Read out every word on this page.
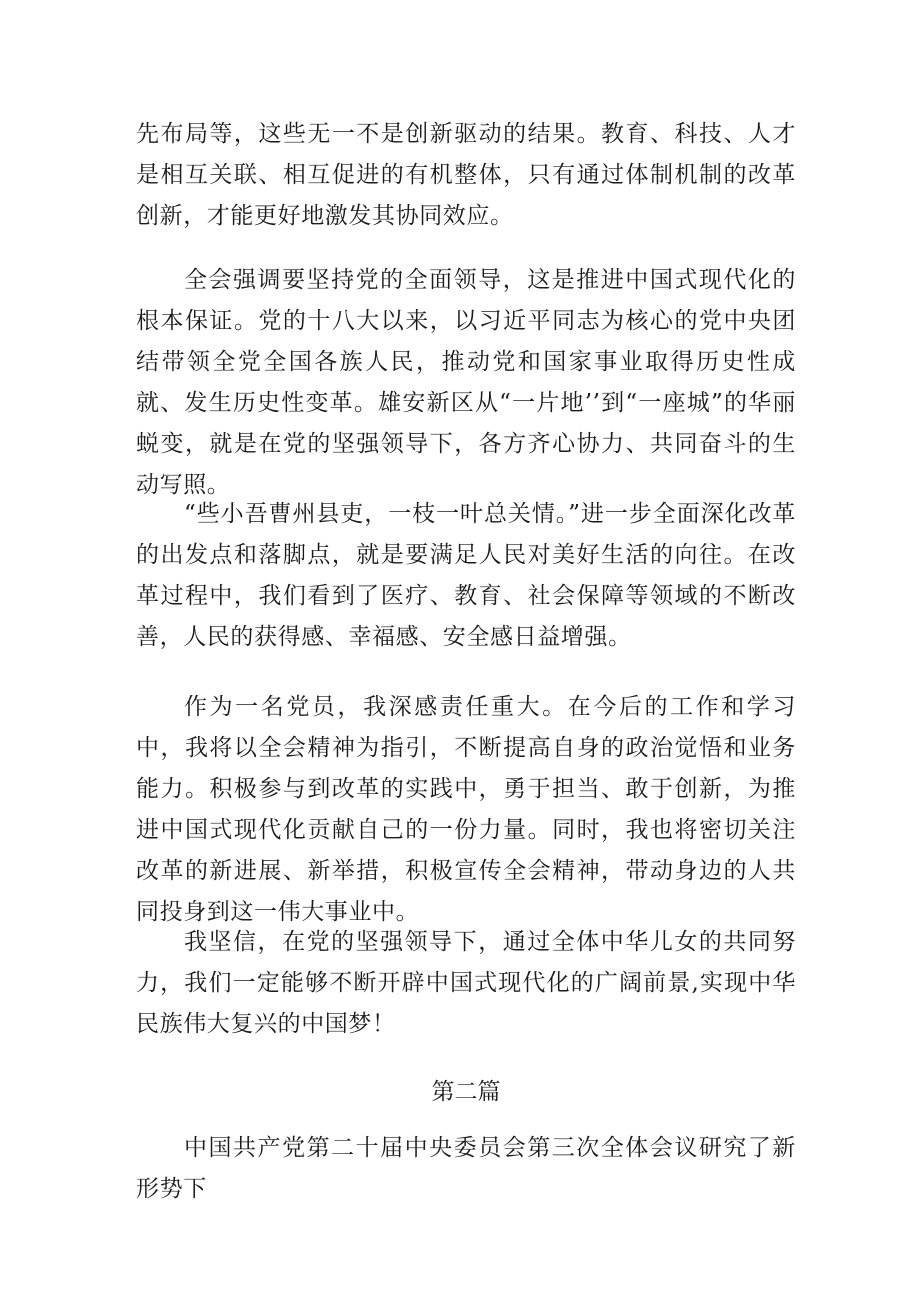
先布局等，这些无一不是创新驱动的结果。教育、科技、人才是相互关联、相互促进的有机整体，只有通过体制机制的改革创新，才能更好地激发其协同效应。

全会强调要坚持党的全面领导，这是推进中国式现代化的根本保证。党的十八大以来，以习近平同志为核心的党中央团结带领全党全国各族人民，推动党和国家事业取得历史性成就、发生历史性变革。雄安新区从“一片地’’到“一座城”的华丽蜕变，就是在党的坚强领导下，各方齐心协力、共同奋斗的生动写照。

“些小吾曹州县吏，一枝一叶总关情。”进一步全面深化改革的出发点和落脚点，就是要满足人民对美好生活的向往。在改革过程中，我们看到了医疗、教育、社会保障等领域的不断改善，人民的获得感、幸福感、安全感日益增强。

作为一名党员，我深感责任重大。在今后的工作和学习中，我将以全会精神为指引，不断提高自身的政治觉悟和业务能力。积极参与到改革的实践中，勇于担当、敢于创新，为推进中国式现代化贡献自己的一份力量。同时，我也将密切关注改革的新进展、新举措，积极宣传全会精神，带动身边的人共同投身到这一伟大事业中。

我坚信，在党的坚强领导下，通过全体中华儿女的共同努力，我们一定能够不断开辟中国式现代化的广阔前景,实现中华民族伟大复兴的中国梦！

第二篇

中国共产党第二十届中央委员会第三次全体会议研究了新形势下
